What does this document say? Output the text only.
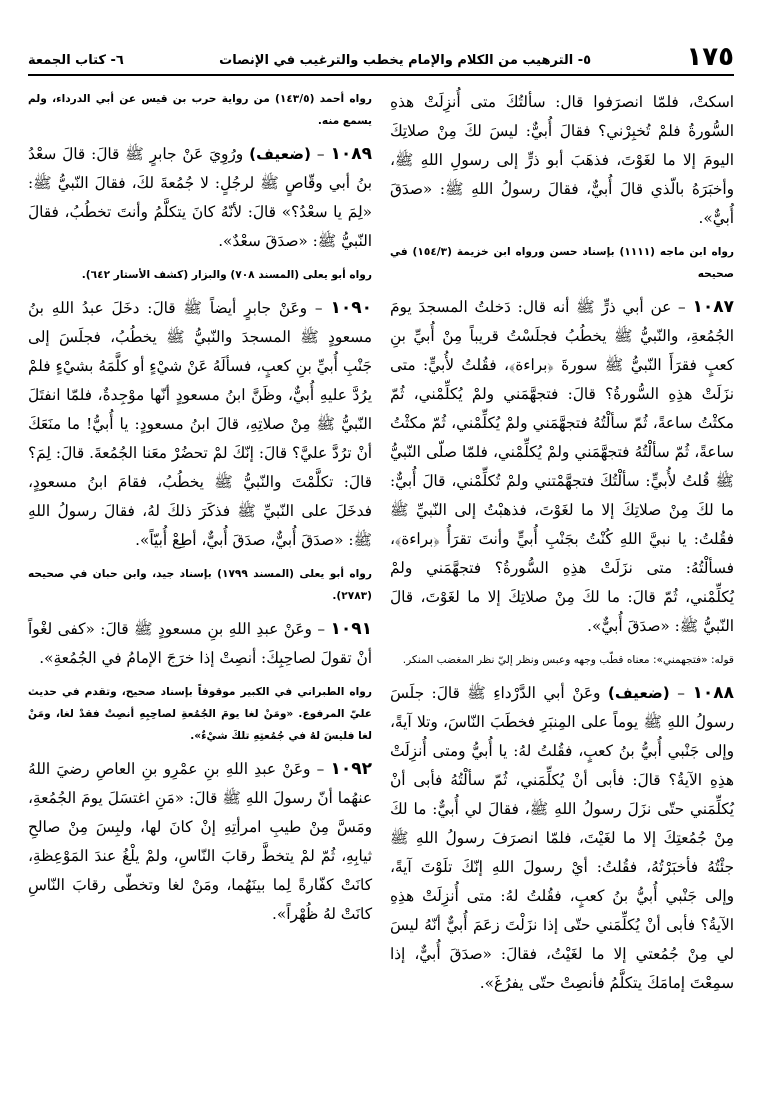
١٧٥
٥- الترهيب من الكلام والإمام يخطب والترغيب في الإنصات
٦- كتاب الجمعة

اسكتْ، فلمّا انصرَفوا قال: سألتُكَ متى أُنزِلَتْ هذهِ السُّورةُ فلمْ تُخبِرْني؟ فقالَ أُبيٌّ: ليسَ لكَ مِنْ صلاتِكَ اليومَ إلا ما لغَوْتَ، فذهَبَ أبو ذرٍّ إلى رسولِ اللهِ ﷺ، وأخبَرَهُ بالّذي قالَ أُبيٌّ، فقالَ رسولُ اللهِ ﷺ: «صدَقَ أُبيٌّ».

رواه ابن ماجه (١١١١) بإسناد حسن ورواه ابن خزيمة (١٥٤/٣) في صحيحه

١٠٨٧ – عن أبي ذرٍّ ﷺ أنه قال: دَخلتُ المسجدَ يومَ الجُمُعةِ، والنّبيُّ ﷺ يخطُبُ فجلَسْتُ قريباً مِنْ أُبيِّ بنِ كعبٍ فقرَأَ النّبيُّ ﷺ سورةَ ﴿براءة﴾، فقُلتُ لأُبيٍّ: متى نزَلَتْ هذِهِ السُّورةُ؟ قالَ: فتجهَّمَني ولمْ يُكلِّمْني، ثُمّ مكثْتُ ساعةً، ثُمّ سألْتُهُ فتجهَّمَني ولمْ يُكلِّمْني، ثُمّ مكثْتُ ساعةً، ثُمّ سألْتُهُ فتجهَّمَني ولمْ يُكلِّمْني، فلمّا صلّى النّبيُّ ﷺ قُلتُ لأُبيٍّ: سألْتُكَ فتجهَّمْتني ولمْ تُكلِّمْني، قالَ أُبيٌّ: ما لكَ مِنْ صلاتِكَ إلا ما لغَوْتَ، فذهبْتُ إلى النّبيِّ ﷺ فقُلتُ: يا نبيَّ اللهِ كُنْتُ بجَنْبِ أُبيٍّ وأنتَ تقرَأُ ﴿براءة﴾، فسألْتُهُ: متى نزَلَتْ هذِهِ السُّورةُ؟ فتجهَّمَني ولمْ يُكلِّمْني، ثُمّ قالَ: ما لكَ مِنْ صلاتِكَ إلا ما لغَوْتَ، قالَ النّبيُّ ﷺ: «صدَقَ أُبيٌّ».

قوله: «فتجهمني»: معناه قطّب وجهه وعبس ونظر إليّ نظر المغضب المنكر.

١٠٨٨ – (ضعيف) وعَنْ أبي الدَّرْداءِ ﷺ قالَ: جلَسَ رسولُ اللهِ ﷺ يوماً على المِنبَرِ فخطَبَ النّاسَ، وتلا آيةً، وإلى جَنْبي أُبيُّ بنُ كعبٍ، فقُلتُ لهُ: يا أُبيُّ ومتى أُنزِلَتْ هذِهِ الآيةُ؟ قالَ: فأبى أنْ يُكلِّمَني، ثُمّ سألْتُهُ فأبى أنْ يُكلِّمَني حتّى نزَلَ رسولُ اللهِ ﷺ، فقالَ لي أُبيٌّ: ما لكَ مِنْ جُمُعتِكَ إلا ما لغَيْتَ، فلمّا انصرَفَ رسولُ اللهِ ﷺ جئْتُهُ فأخبَرْتُهُ، فقُلتُ: أيْ رسولَ اللهِ إنّكَ تلَوْتَ آيةً، وإلى جَنْبي أُبيُّ بنُ كعبٍ، فقُلتُ لهُ: متى أُنزِلَتْ هذِهِ الآيةُ؟ فأبى أنْ يُكلِّمَني حتّى إذا نزَلْتَ زعَمَ أُبيٌّ أنّهُ ليسَ لي مِنْ جُمُعتي إلا ما لغَيْتُ، فقالَ: «صدَقَ أُبيٌّ، إذا سمِعْتَ إمامَكَ يتكلَّمُ فأنصِتْ حتّى يفرُغَ».

رواه أحمد (١٤٣/٥) من رواية حرب بن قيس عن أبي الدرداء، ولم يسمع منه.

١٠٨٩ – (ضعيف) ورُوِيَ عَنْ جابرٍ ﷺ قالَ: قالَ سعْدُ بنُ أبي وقّاصٍ ﷺ لرجُلٍ: لا جُمُعةَ لكَ، فقالَ النّبيُّ ﷺ: «لِمَ يا سعْدُ؟» قالَ: لأنّهُ كانَ يتكلَّمُ وأنتَ تخطُبُ، فقالَ النّبيُّ ﷺ: «صدَقَ سعْدٌ».

رواه أبو يعلى (المسند ٧٠٨) والبزار (كشف الأستار ٦٤٢).

١٠٩٠ – وعَنْ جابرٍ أيضاً ﷺ قالَ: دخَلَ عبدُ اللهِ بنُ مسعودٍ ﷺ المسجدَ والنّبيُّ ﷺ يخطُبُ، فجلَسَ إلى جَنْبِ أُبيِّ بنِ كعبٍ، فسألَهُ عَنْ شيْءٍ أو كلَّمَهُ بشيْءٍ فلمْ يرُدَّ عليهِ أُبيٌّ، وظَنَّ ابنُ مسعودٍ أنّها موْجِدةٌ، فلمّا انفتَلَ النّبيُّ ﷺ مِنْ صلاتِهِ، قالَ ابنُ مسعودٍ: يا أُبيُّ! ما منَعَكَ أنْ ترُدَّ عليَّ؟ قالَ: إنّكَ لمْ تحضُرْ معَنا الجُمُعةَ. قالَ: لِمَ؟ قالَ: تكلَّمْتَ والنّبيُّ ﷺ يخطُبُ، فقامَ ابنُ مسعودٍ، فدخَلَ على النّبيِّ ﷺ فذكَرَ ذلكَ لهُ، فقالَ رسولُ اللهِ ﷺ: «صدَقَ أُبيٌّ، صدَقَ أُبيٌّ، أطِعْ أُبيّاً».

رواه أبو يعلى (المسند ١٧٩٩) بإسناد جيد، وابن حبان في صحيحه (٢٧٨٣).

١٠٩١ – وعَنْ عبدِ اللهِ بنِ مسعودٍ ﷺ قالَ: «كفى لغْواً أنْ تقولَ لصاحِبِكَ: أنصِتْ إذا خرَجَ الإمامُ في الجُمُعةِ».

رواه الطبراني في الكبير موقوفاً بإسناد صحيح، وتقدم في حديث عليّ المرفوع. «ومَنْ لغا يومَ الجُمُعةِ لصاحِبِهِ أنصِتْ فقدْ لغا، ومَنْ لغا فليسَ لهُ في جُمُعتِهِ تلكَ شيْءٌ».

١٠٩٢ – وعَنْ عبدِ اللهِ بنِ عمْرِو بنِ العاصِ رضيَ اللهُ عنهُما أنّ رسولَ اللهِ ﷺ قالَ: «مَنِ اغتسَلَ يومَ الجُمُعةِ، ومَسَّ مِنْ طيبِ امرأتِهِ إنْ كانَ لها، ولبِسَ مِنْ صالحِ ثيابِهِ، ثُمّ لمْ يتخطَّ رقابَ النّاسِ، ولمْ يلْغُ عندَ المَوْعِظةِ، كانَتْ كفّارةً لِما بينَهُما، ومَنْ لغا وتخطّى رقابَ النّاسِ كانَتْ لهُ ظُهْراً».
